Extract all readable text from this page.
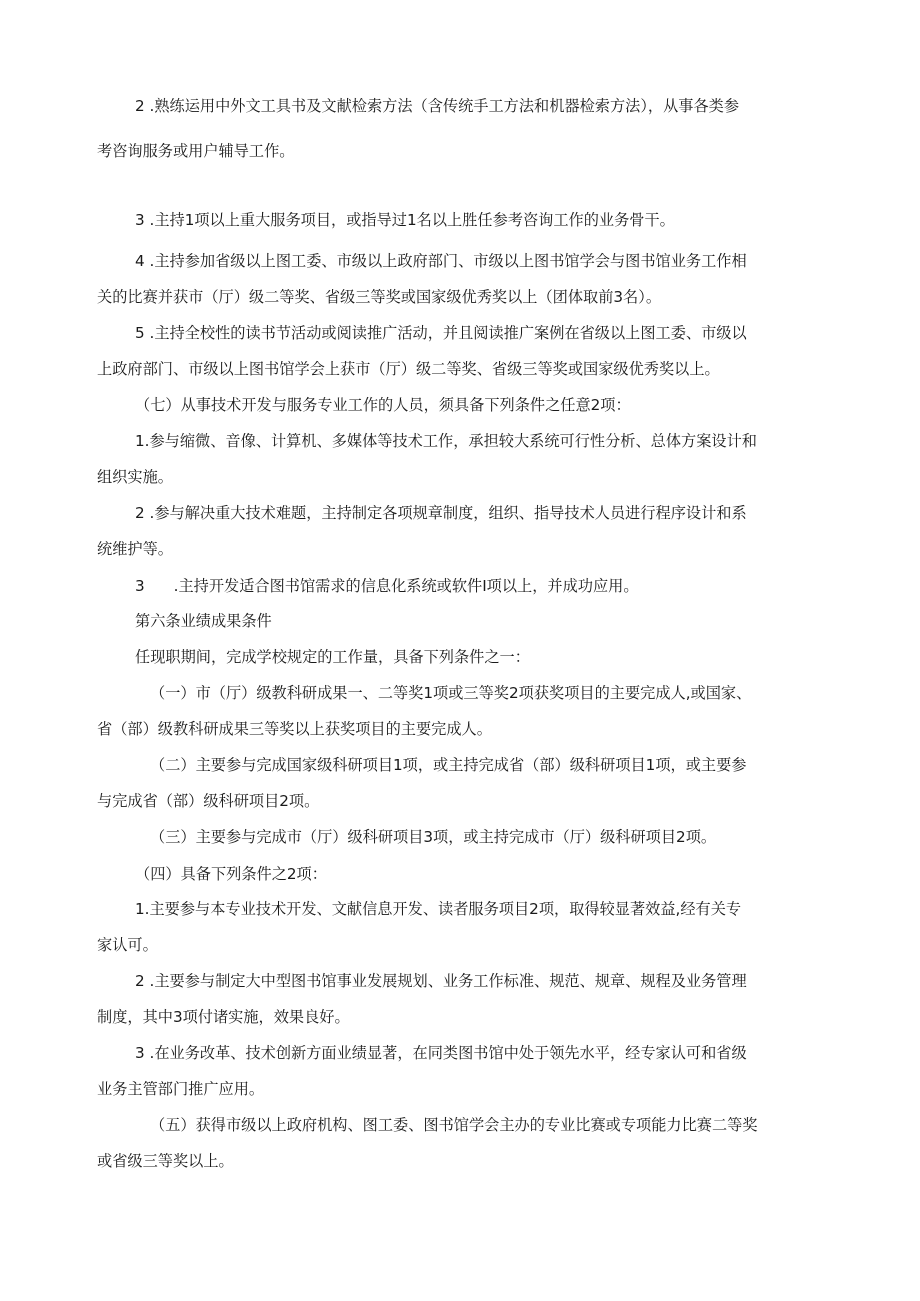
2 .熟练运用中外文工具书及文献检索方法（含传统手工方法和机器检索方法），从事各类参
考咨询服务或用户辅导工作。
3 .主持1项以上重大服务项目，或指导过1名以上胜任参考咨询工作的业务骨干。
4 .主持参加省级以上图工委、市级以上政府部门、市级以上图书馆学会与图书馆业务工作相
关的比赛并获市（厅）级二等奖、省级三等奖或国家级优秀奖以上（团体取前3名）。
5 .主持全校性的读书节活动或阅读推广活动，并且阅读推广案例在省级以上图工委、市级以
上政府部门、市级以上图书馆学会上获市（厅）级二等奖、省级三等奖或国家级优秀奖以上。
（七）从事技术开发与服务专业工作的人员，须具备下列条件之任意2项：
1.参与缩微、音像、计算机、多媒体等技术工作，承担较大系统可行性分析、总体方案设计和
组织实施。
2 .参与解决重大技术难题，主持制定各项规章制度，组织、指导技术人员进行程序设计和系
统维护等。
3      .主持开发适合图书馆需求的信息化系统或软件I项以上，并成功应用。
第六条业绩成果条件
任现职期间，完成学校规定的工作量，具备下列条件之一：
（一）市（厅）级教科研成果一、二等奖1项或三等奖2项获奖项目的主要完成人,或国家、
省（部）级教科研成果三等奖以上获奖项目的主要完成人。
（二）主要参与完成国家级科研项目1项，或主持完成省（部）级科研项目1项，或主要参
与完成省（部）级科研项目2项。
（三）主要参与完成市（厅）级科研项目3项，或主持完成市（厅）级科研项目2项。
（四）具备下列条件之2项：
1.主要参与本专业技术开发、文献信息开发、读者服务项目2项，取得较显著效益,经有关专
家认可。
2 .主要参与制定大中型图书馆事业发展规划、业务工作标准、规范、规章、规程及业务管理
制度，其中3项付诸实施，效果良好。
3 .在业务改革、技术创新方面业绩显著，在同类图书馆中处于领先水平，经专家认可和省级
业务主管部门推广应用。
（五）获得市级以上政府机构、图工委、图书馆学会主办的专业比赛或专项能力比赛二等奖
或省级三等奖以上。
